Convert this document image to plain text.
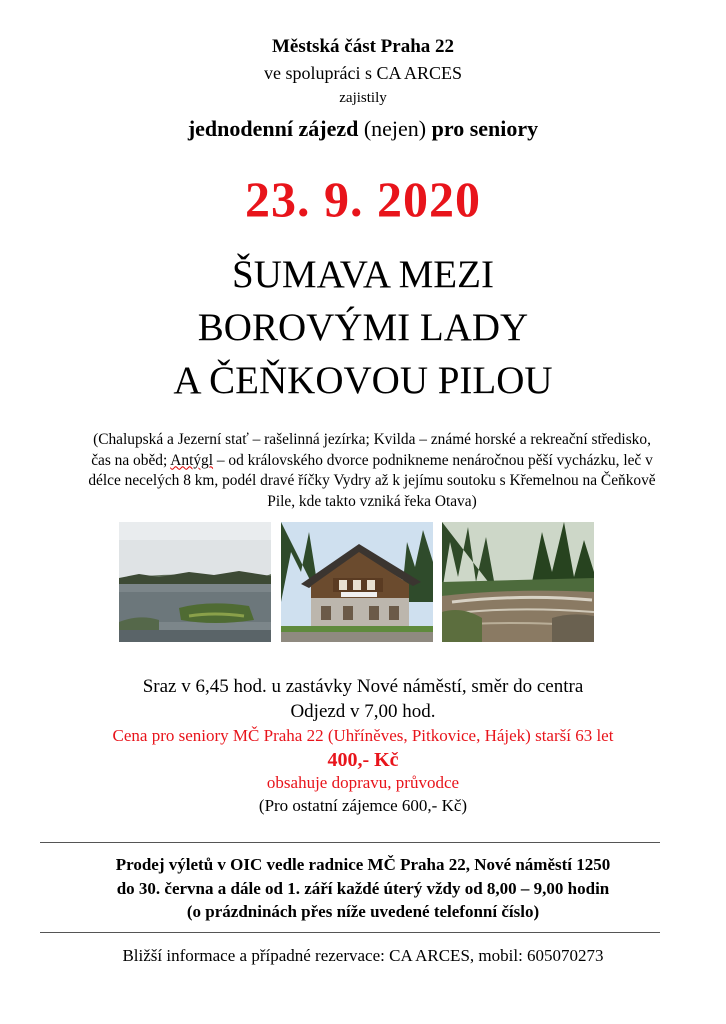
Městská část Praha 22
ve spolupráci s CA ARCES
zajistily
jednodenní zájezd (nejen) pro seniory
23. 9. 2020
ŠUMAVA MEZI
BOROVÝMI LADY
A ČEŇKOVOU PILOU
(Chalupská a Jezerní stať – rašelinná jezírka; Kvilda – známé horské a rekreační středisko, čas na oběd; Antýgl – od královského dvorce podnikneme nenáročnou pěší vycházku, leč v délce necelých 8 km, podél dravé říčky Vydry až k jejímu soutoku s Křemelnou na Čeňkově Pile, kde takto vzniká řeka Otava)
Sraz v 6,45 hod. u zastávky Nové náměstí, směr do centra
Odjezd v 7,00 hod.
Cena pro seniory MČ Praha 22 (Uhříněves, Pitkovice, Hájek) starší 63 let
400,- Kč
obsahuje dopravu, průvodce
(Pro ostatní zájemce 600,- Kč)
Prodej výletů v OIC vedle radnice MČ Praha 22, Nové náměstí 1250
do 30. června a dále od 1. září každé úterý vždy od 8,00 – 9,00 hodin
(o prázdninách přes níže uvedené telefonní číslo)
Bližší informace a případné rezervace: CA ARCES, mobil: 605070273
